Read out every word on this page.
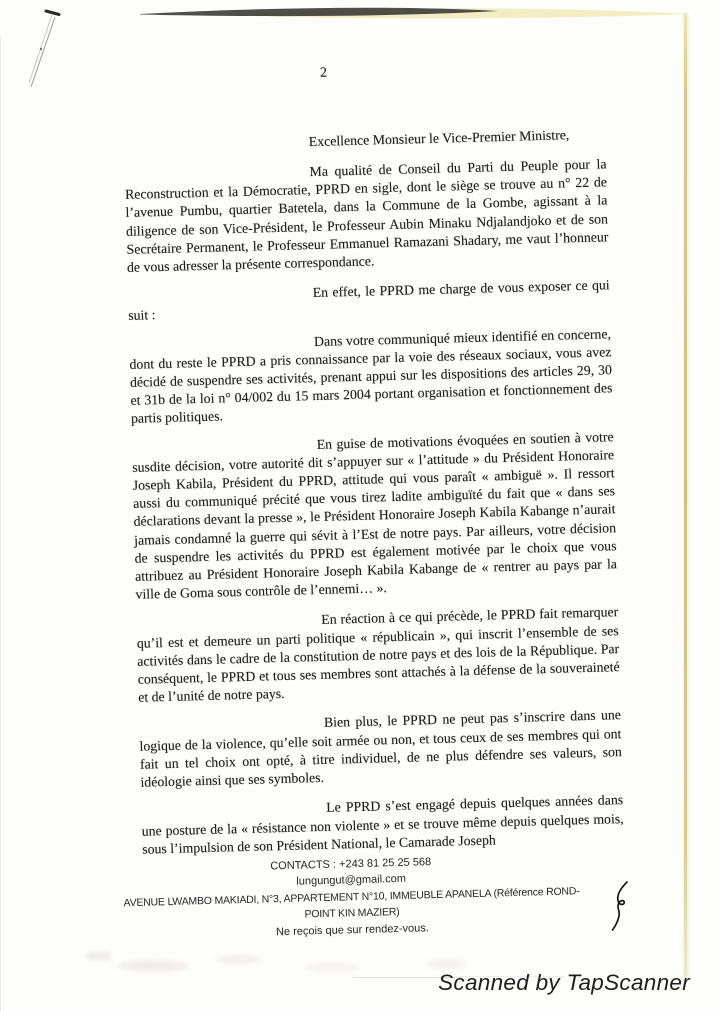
2
Excellence Monsieur le Vice-Premier Ministre,

Ma qualité de Conseil du Parti du Peuple pour la Reconstruction et la Démocratie, PPRD en sigle, dont le siège se trouve au n° 22 de l’avenue Pumbu, quartier Batetela, dans la Commune de la Gombe, agissant à la diligence de son Vice-Président, le Professeur Aubin Minaku Ndjalandjoko et de son Secrétaire Permanent, le Professeur Emmanuel Ramazani Shadary, me vaut l’honneur de vous adresser la présente correspondance.

En effet, le PPRD me charge de vous exposer ce qui suit :

Dans votre communiqué mieux identifié en concerne, dont du reste le PPRD a pris connaissance par la voie des réseaux sociaux, vous avez décidé de suspendre ses activités, prenant appui sur les dispositions des articles 29, 30 et 31b de la loi n° 04/002 du 15 mars 2004 portant organisation et fonctionnement des partis politiques.

En guise de motivations évoquées en soutien à votre susdite décision, votre autorité dit s’appuyer sur « l’attitude » du Président Honoraire Joseph Kabila, Président du PPRD, attitude qui vous paraît « ambiguë ». Il ressort aussi du communiqué précité que vous tirez ladite ambiguïté du fait que « dans ses déclarations devant la presse », le Président Honoraire Joseph Kabila Kabange n’aurait jamais condamné la guerre qui sévit à l’Est de notre pays. Par ailleurs, votre décision de suspendre les activités du PPRD est également motivée par le choix que vous attribuez au Président Honoraire Joseph Kabila Kabange de « rentrer au pays par la ville de Goma sous contrôle de l’ennemi… ».

En réaction à ce qui précède, le PPRD fait remarquer qu’il est et demeure un parti politique « républicain », qui inscrit l’ensemble de ses activités dans le cadre de la constitution de notre pays et des lois de la République. Par conséquent, le PPRD et tous ses membres sont attachés à la défense de la souveraineté et de l’unité de notre pays.

Bien plus, le PPRD ne peut pas s’inscrire dans une logique de la violence, qu’elle soit armée ou non, et tous ceux de ses membres qui ont fait un tel choix ont opté, à titre individuel, de ne plus défendre ses valeurs, son idéologie ainsi que ses symboles.

Le PPRD s’est engagé depuis quelques années dans une posture de la « résistance non violente » et se trouve même depuis quelques mois, sous l’impulsion de son Président National, le Camarade Joseph

CONTACTS : +243 81 25 25 568
lungungut@gmail.com
AVENUE LWAMBO MAKIADI, N°3, APPARTEMENT N°10, IMMEUBLE APANELA (Référence ROND-
POINT KIN MAZIER)
Ne reçois que sur rendez-vous.
Scanned by TapScanner
